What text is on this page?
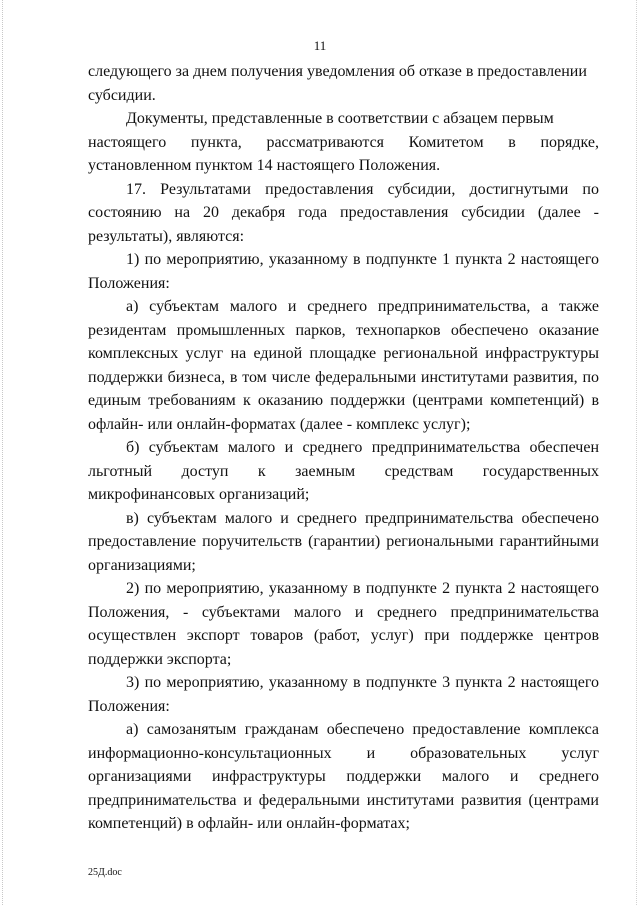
11

следующего за днем получения уведомления об отказе в предоставлении

субсидии.

Документы, представленные в соответствии с абзацем первым

настоящего пункта, рассматриваются Комитетом в порядке,

установленном пунктом 14 настоящего Положения.

17. Результатами предоставления субсидии, достигнутыми по

состоянию на 20 декабря года предоставления субсидии (далее -

результаты), являются:

1) по мероприятию, указанному в подпункте 1 пункта 2 настоящего

Положения:

а) субъектам малого и среднего предпринимательства, а также

резидентам промышленных парков, технопарков обеспечено оказание

комплексных услуг на единой площадке региональной инфраструктуры

поддержки бизнеса, в том числе федеральными институтами развития, по

единым требованиям к оказанию поддержки (центрами компетенций) в

офлайн- или онлайн-форматах (далее - комплекс услуг);

б) субъектам малого и среднего предпринимательства обеспечен

льготный доступ к заемным средствам государственных

микрофинансовых организаций;

в) субъектам малого и среднего предпринимательства обеспечено

предоставление поручительств (гарантии) региональными гарантийными

организациями;

2) по мероприятию, указанному в подпункте 2 пункта 2 настоящего

Положения, - субъектами малого и среднего предпринимательства

осуществлен экспорт товаров (работ, услуг) при поддержке центров

поддержки экспорта;

3) по мероприятию, указанному в подпункте 3 пункта 2 настоящего

Положения:

а) самозанятым гражданам обеспечено предоставление комплекса

информационно-консультационных и образовательных услуг

организациями инфраструктуры поддержки малого и среднего

предпринимательства и федеральными институтами развития (центрами

компетенций) в офлайн- или онлайн-форматах;

25Д.doc
